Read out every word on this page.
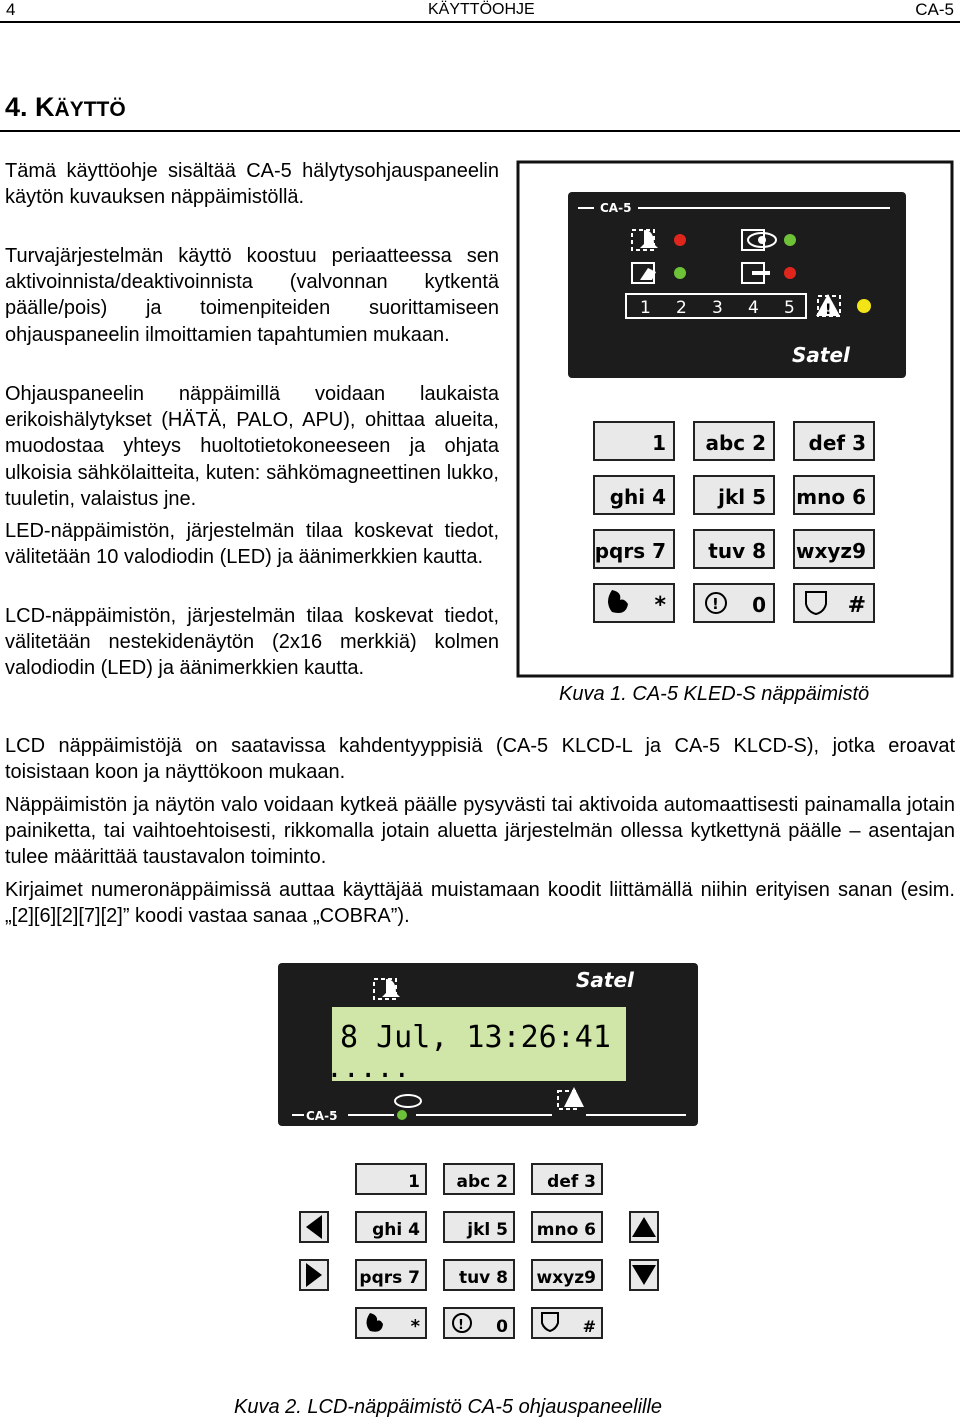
4	KÄYTTÖOHJE	CA-5
4. KÄYTTÖ

Tämä käyttöohje sisältää CA-5 hälytysohjauspaneelin käytön kuvauksen näppäimistöllä.

Turvajärjestelmän käyttö koostuu periaatteessa sen aktivoinnista/deaktivoinnista (valvonnan kytkentä päälle/pois) ja toimenpiteiden suorittamiseen ohjauspaneelin ilmoittamien tapahtumien mukaan.

Ohjauspaneelin näppäimillä voidaan laukaista erikoishälytykset (HÄTÄ, PALO, APU), ohittaa alueita, muodostaa yhteys huoltotietokoneeseen ja ohjata ulkoisia sähkölaitteita, kuten: sähkömagneettinen lukko, tuuletin, valaistus jne.

LED-näppäimistön, järjestelmän tilaa koskevat tiedot, välitetään 10 valodiodin (LED) ja äänimerkkien kautta.

LCD-näppäimistön, järjestelmän tilaa koskevat tiedot, välitetään nestekidenäytön (2x16 merkkiä) kolmen valodiodin (LED) ja äänimerkkien kautta.

CA-5
1 2 3 4 5 !
Satel
1 abc 2 def 3
ghi 4	jkl 5 mno 6
pqrs 7 tuv 8 wxyz9
*	! 0	#
Kuva 1. CA-5 KLED-S näppäimistö

LCD näppäimistöjä on saatavissa kahdentyyppisiä (CA-5 KLCD-L ja CA-5 KLCD-S), jotka eroavat toisistaan koon ja näyttökoon mukaan.

Näppäimistön ja näytön valo voidaan kytkeä päälle pysyvästi tai aktivoida automaattisesti painamalla jotain painiketta, tai vaihtoehtoisesti, rikkomalla jotain aluetta järjestelmän ollessa kytkettynä päälle – asentajan tulee määrittää taustavalon toiminto.

Kirjaimet numeronäppäimissä auttaa käyttäjää muistamaan koodit liittämällä niihin erityisen sanan (esim. „[2][6][2][7][2]” koodi vastaa sanaa „COBRA”).

Satel
8 Jul, 13:26:41
.....
CA-5
1 abc 2 def 3
ghi 4	jkl 5 mno 6
pqrs 7 tuv 8 wxyz9
*	! 0	#
Kuva 2. LCD-näppäimistö CA-5 ohjauspaneelille
